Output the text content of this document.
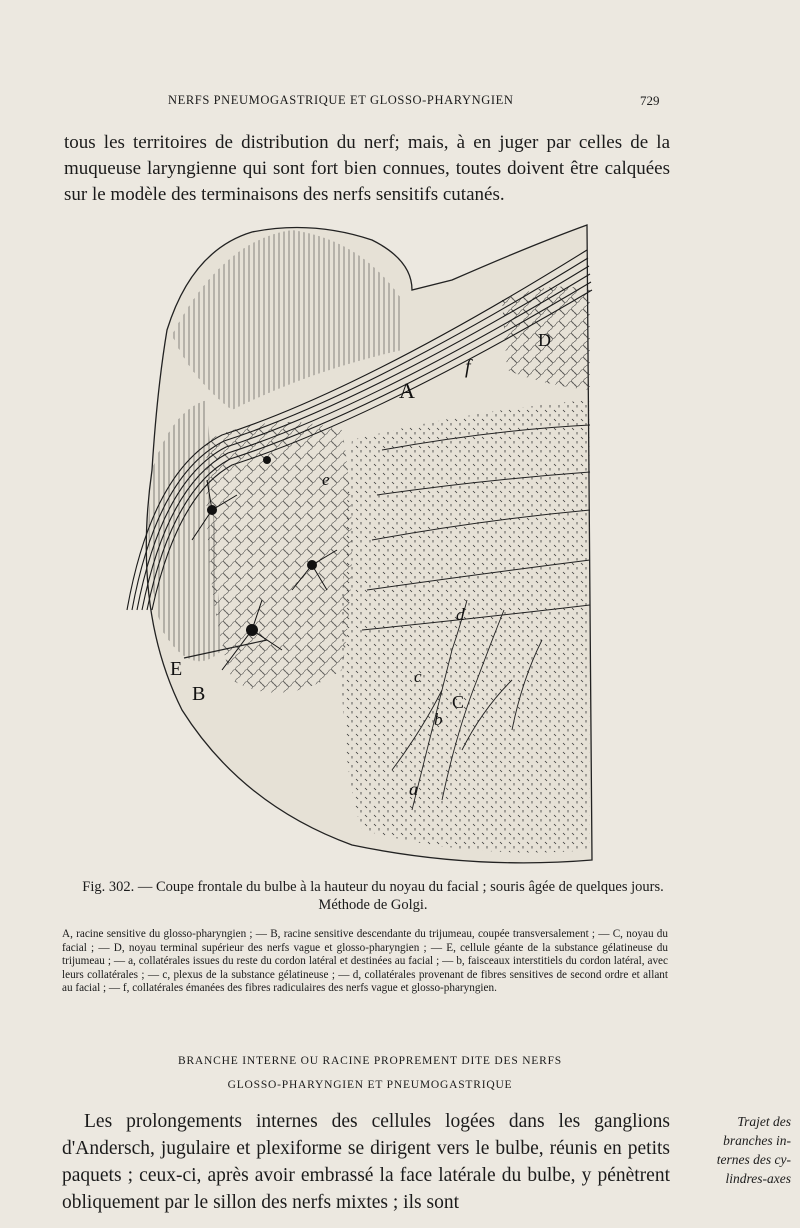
NERFS PNEUMOGASTRIQUE ET GLOSSO-PHARYNGIEN	729

tous les territoires de distribution du nerf; mais, à en juger par celles de la muqueuse laryngienne qui sont fort bien connues, toutes doivent être calquées sur le modèle des terminaisons des nerfs sensitifs cutanés.

A
B	C
D
E
a
b
c
d
e
f
Fig. 302. — Coupe frontale du bulbe à la hauteur du noyau du facial ; souris âgée de quelques jours. Méthode de Golgi.
A, racine sensitive du glosso-pharyngien ; — B, racine sensitive descendante du trijumeau, coupée transversalement ; — C, noyau du facial ; — D, noyau terminal supérieur des nerfs vague et glosso-pharyngien ; — E, cellule géante de la substance gélatineuse du trijumeau ; — a, collatérales issues du reste du cordon latéral et destinées au facial ; — b, faisceaux interstitiels du cordon latéral, avec leurs collatérales ; — c, plexus de la substance gélatineuse ; — d, collatérales provenant de fibres sensitives de second ordre et allant au facial ; — f, collatérales émanées des fibres radiculaires des nerfs vague et glosso-pharyngien.
BRANCHE INTERNE OU RACINE PROPREMENT DITE DES NERFS
GLOSSO-PHARYNGIEN ET PNEUMOGASTRIQUE

Les prolongements internes des cellules logées dans les ganglions d'Andersch, jugulaire et plexiforme se dirigent vers le bulbe, réunis en petits paquets ; ceux-ci, après avoir embrassé la face latérale du bulbe, y pénètrent obliquement par le sillon des nerfs mixtes ; ils sont

Trajet des
branches in-
ternes des cy-
lindres-axes
